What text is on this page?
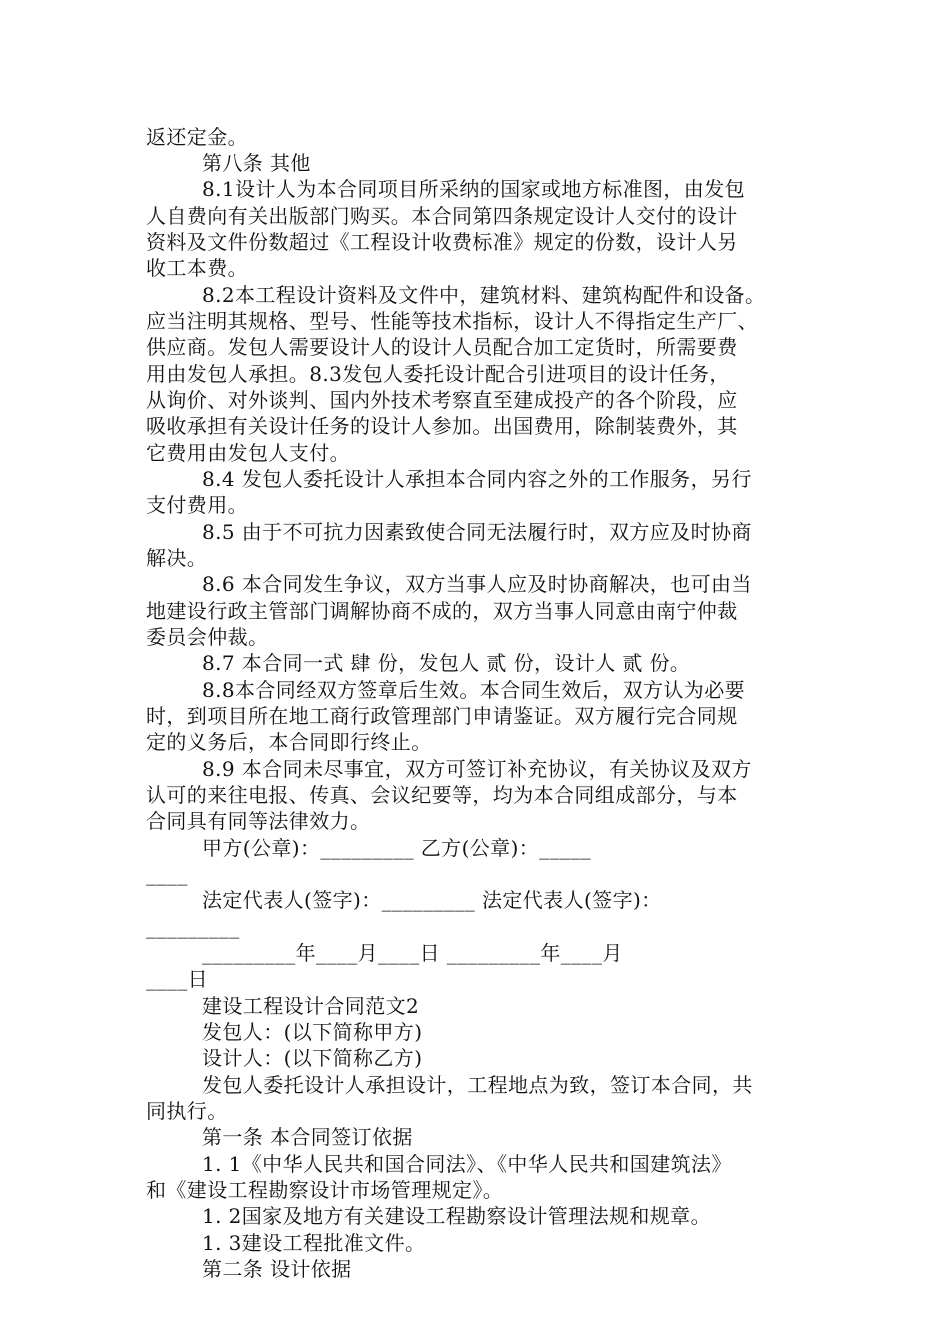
返还定金。
第八条 其他
8.1设计人为本合同项目所采纳的国家或地方标准图，由发包
人自费向有关出版部门购买。本合同第四条规定设计人交付的设计
资料及文件份数超过《工程设计收费标准》规定的份数，设计人另
收工本费。
8.2本工程设计资料及文件中，建筑材料、建筑构配件和设备。
应当注明其规格、型号、性能等技术指标，设计人不得指定生产厂、
供应商。发包人需要设计人的设计人员配合加工定货时，所需要费
用由发包人承担。8.3发包人委托设计配合引进项目的设计任务，
从询价、对外谈判、国内外技术考察直至建成投产的各个阶段，应
吸收承担有关设计任务的设计人参加。出国费用，除制装费外，其
它费用由发包人支付。
8.4 发包人委托设计人承担本合同内容之外的工作服务，另行
支付费用。
8.5 由于不可抗力因素致使合同无法履行时，双方应及时协商
解决。
8.6 本合同发生争议，双方当事人应及时协商解决，也可由当
地建设行政主管部门调解协商不成的，双方当事人同意由南宁仲裁
委员会仲裁。
8.7 本合同一式 肆 份，发包人 贰 份，设计人 贰 份。
8.8本合同经双方签章后生效。本合同生效后，双方认为必要
时，到项目所在地工商行政管理部门申请鉴证。双方履行完合同规
定的义务后，本合同即行终止。
8.9 本合同未尽事宜，双方可签订补充协议，有关协议及双方
认可的来往电报、传真、会议纪要等，均为本合同组成部分，与本
合同具有同等法律效力。
甲方(公章)：_________ 乙方(公章)：_____
____
法定代表人(签字)：_________ 法定代表人(签字)：
_________
_________年____月____日 _________年____月
____日
建设工程设计合同范文2
发包人：(以下简称甲方)
设计人：(以下简称乙方)
发包人委托设计人承担设计，工程地点为致，签订本合同，共
同执行。
第一条 本合同签订依据
1. 1《中华人民共和国合同法》、《中华人民共和国建筑法》
和《建设工程勘察设计市场管理规定》。
1. 2国家及地方有关建设工程勘察设计管理法规和规章。
1. 3建设工程批准文件。
第二条 设计依据
